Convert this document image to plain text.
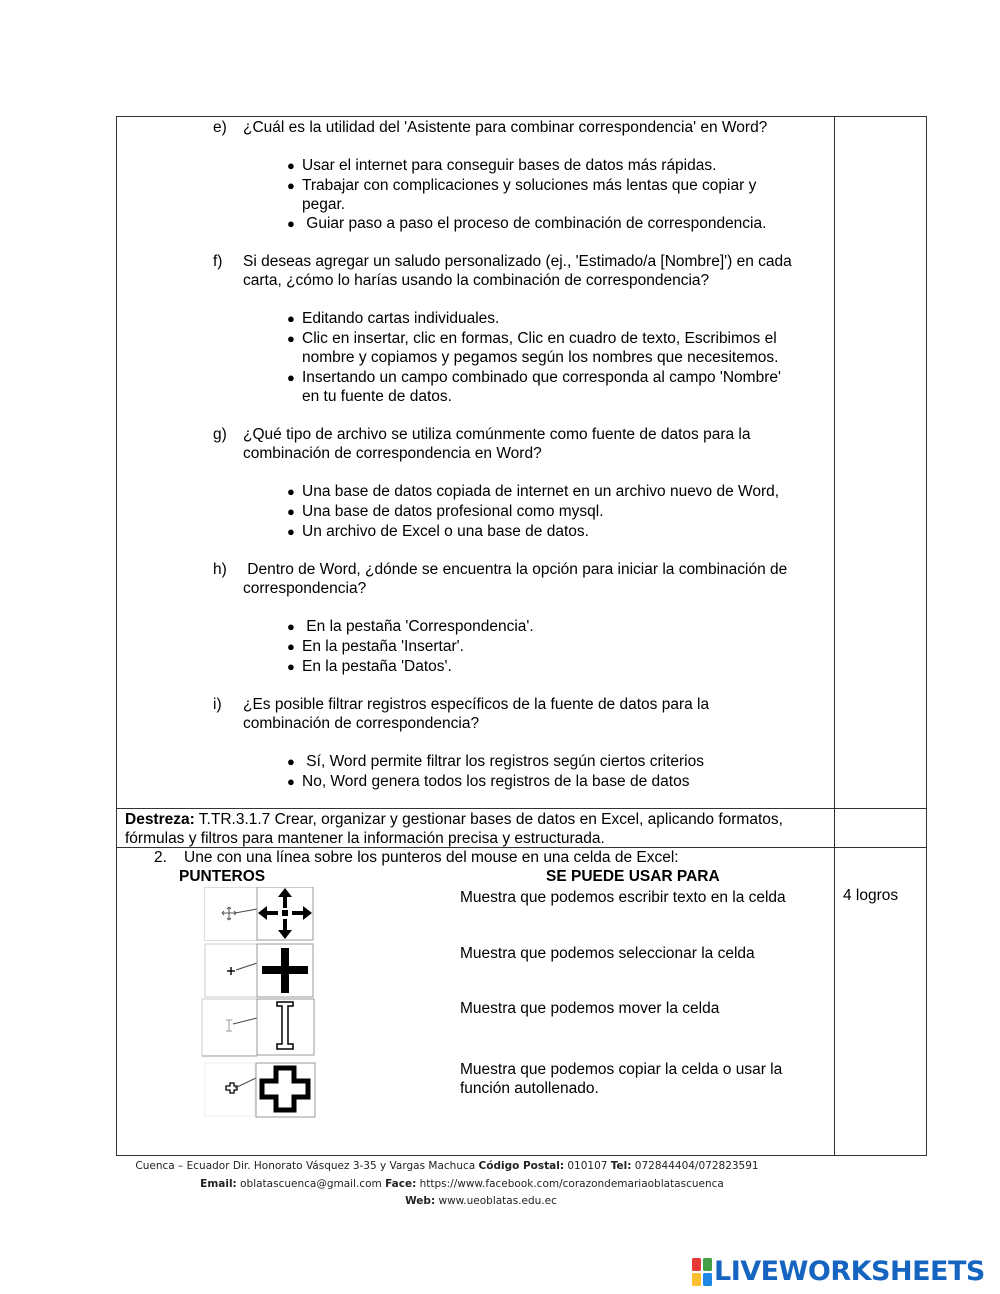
e) ¿Cuál es la utilidad del 'Asistente para combinar correspondencia' en Word?
● Usar el internet para conseguir bases de datos más rápidas.
● Trabajar con complicaciones y soluciones más lentas que copiar y
pegar.
● Guiar paso a paso el proceso de combinación de correspondencia.
f) Si deseas agregar un saludo personalizado (ej., 'Estimado/a [Nombre]') en cada
carta, ¿cómo lo harías usando la combinación de correspondencia?
● Editando cartas individuales.
● Clic en insertar, clic en formas, Clic en cuadro de texto, Escribimos el
nombre y copiamos y pegamos según los nombres que necesitemos.
● Insertando un campo combinado que corresponda al campo 'Nombre'
en tu fuente de datos.
g) ¿Qué tipo de archivo se utiliza comúnmente como fuente de datos para la
combinación de correspondencia en Word?
● Una base de datos copiada de internet en un archivo nuevo de Word,
● Una base de datos profesional como mysql.
● Un archivo de Excel o una base de datos.
h) Dentro de Word, ¿dónde se encuentra la opción para iniciar la combinación de
correspondencia?
● En la pestaña 'Correspondencia'.
● En la pestaña 'Insertar'.
● En la pestaña 'Datos'.
i) ¿Es posible filtrar registros específicos de la fuente de datos para la
combinación de correspondencia?
● Sí, Word permite filtrar los registros según ciertos criterios
● No, Word genera todos los registros de la base de datos
Destreza: T.TR.3.1.7 Crear, organizar y gestionar bases de datos en Excel, aplicando formatos,
fórmulas y filtros para mantener la información precisa y estructurada.
2. Une con una línea sobre los punteros del mouse en una celda de Excel:
PUNTEROS	SE PUEDE USAR PARA
4 logros
Muestra que podemos escribir texto en la celda
Muestra que podemos seleccionar la celda
Muestra que podemos mover la celda
Muestra que podemos copiar la celda o usar la
función autollenado.
Cuenca – Ecuador Dir. Honorato Vásquez 3-35 y Vargas Machuca Código Postal: 010107 Tel: 072844404/072823591
Email: oblatascuenca@gmail.com Face: https://www.facebook.com/corazondemariaoblatascuenca
Web: www.ueoblatas.edu.ec
LIVEWORKSHEETS
